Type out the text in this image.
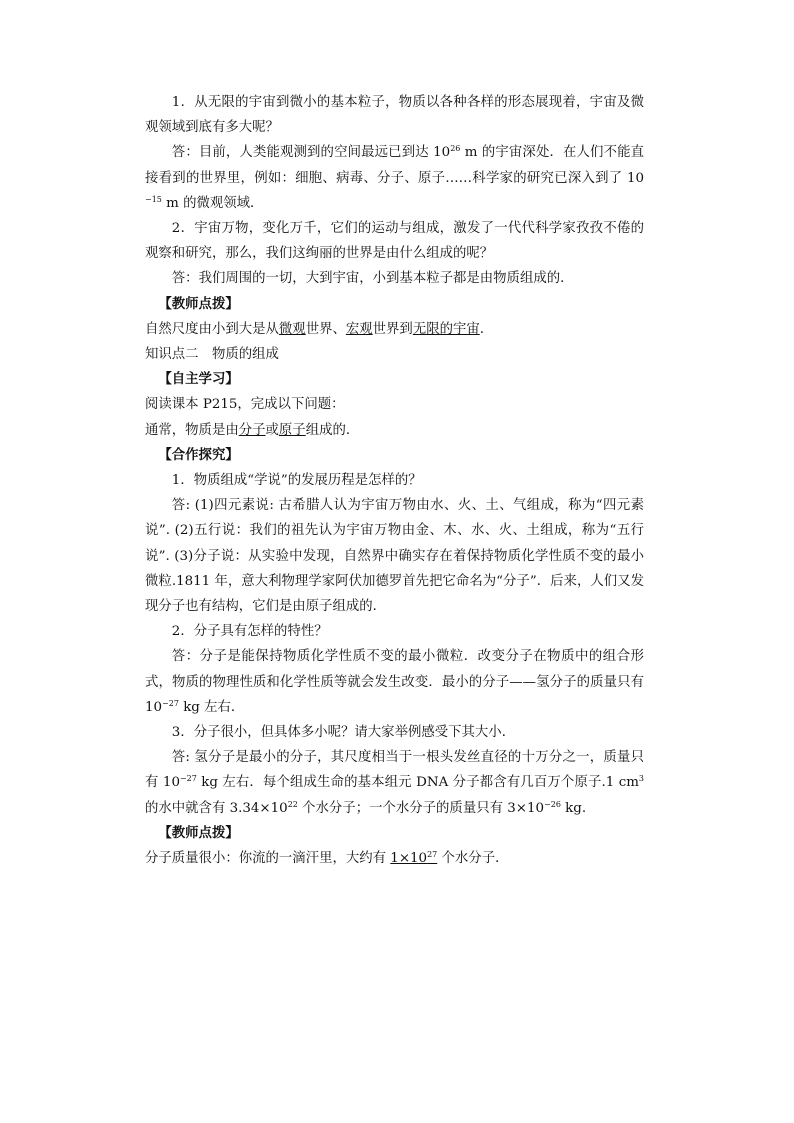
1．从无限的宇宙到微小的基本粒子，物质以各种各样的形态展现着，宇宙及微观领域到底有多大呢？

答：目前，人类能观测到的空间最远已到达 $10^{26}$ m 的宇宙深处．在人们不能直接看到的世界里，例如：细胞、病毒、分子、原子……科学家的研究已深入到了 $10^{-15}$ m 的微观领域．

2．宇宙万物，变化万千，它们的运动与组成，激发了一代代科学家孜孜不倦的观察和研究，那么，我们这绚丽的世界是由什么组成的呢？

答：我们周围的一切，大到宇宙，小到基本粒子都是由物质组成的．

【教师点拨】

自然尺度由小到大是从微观世界、宏观世界到无限的宇宙.

知识点二　物质的组成

【自主学习】

阅读课本 P215，完成以下问题：

通常，物质是由分子或原子组成的．

【合作探究】

1．物质组成“学说”的发展历程是怎样的？

答: (1)四元素说: 古希腊人认为宇宙万物由水、火、土、气组成，称为“四元素说”. (2)五行说：我们的祖先认为宇宙万物由金、木、水、火、土组成，称为“五行说”. (3)分子说：从实验中发现，自然界中确实存在着保持物质化学性质不变的最小微粒.1811 年，意大利物理学家阿伏加德罗首先把它命名为“分子”．后来，人们又发现分子也有结构，它们是由原子组成的．

2．分子具有怎样的特性？

答：分子是能保持物质化学性质不变的最小微粒．改变分子在物质中的组合形式，物质的物理性质和化学性质等就会发生改变．最小的分子——氢分子的质量只有 $10^{-27}$ kg 左右．

3．分子很小，但具体多小呢？请大家举例感受下其大小．

答: 氢分子是最小的分子，其尺度相当于一根头发丝直径的十万分之一，质量只有 $10^{-27}$ kg 左右．每个组成生命的基本组元 DNA 分子都含有几百万个原子.1 $cm^3$ 的水中就含有 $3.34\times 10^{22}$ 个水分子；一个水分子的质量只有 $3\times 10^{-26}$ kg.

【教师点拨】

分子质量很小：你流的一滴汗里，大约有 $1\times 10^{27}$ 个水分子．
